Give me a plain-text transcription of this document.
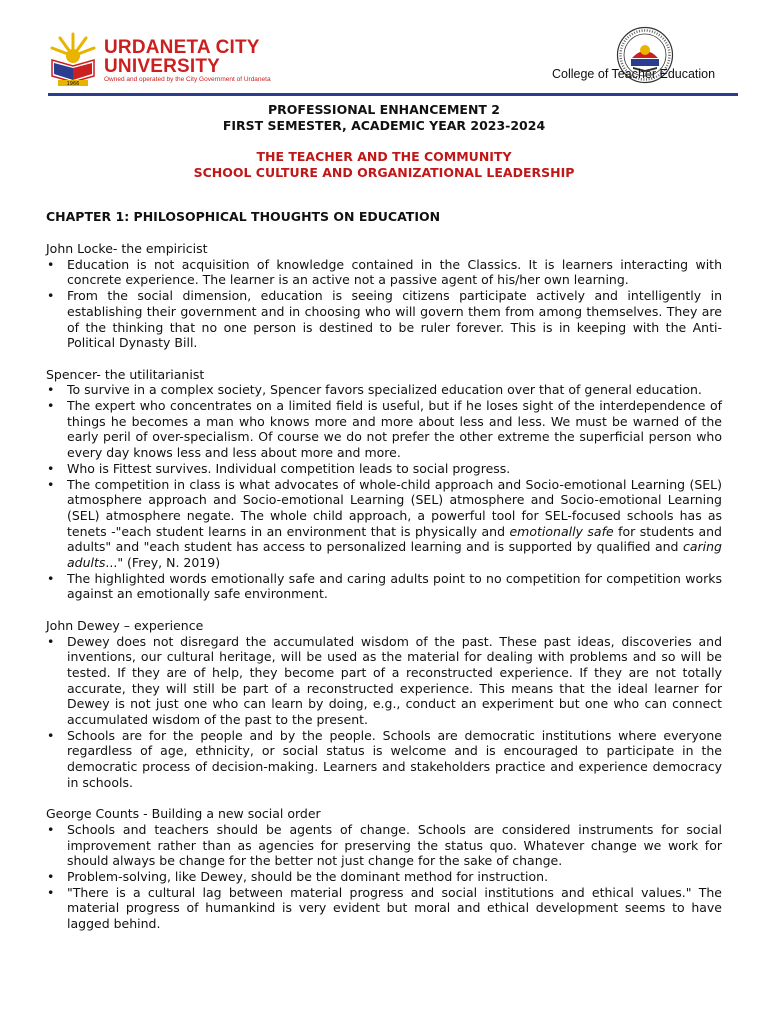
1966
URDANETA CITY
UNIVERSITY
Owned and operated by the City Government of Urdaneta	College of Teacher Education
PROFESSIONAL ENHANCEMENT 2
FIRST SEMESTER, ACADEMIC YEAR 2023-2024
THE TEACHER AND THE COMMUNITY
SCHOOL CULTURE AND ORGANIZATIONAL LEADERSHIP
CHAPTER 1: PHILOSOPHICAL THOUGHTS ON EDUCATION

John Locke- the empiricist

• Education is not acquisition of knowledge contained in the Classics. It is learners interacting with concrete experience. The learner is an active not a passive agent of his/her own learning.
• From the social dimension, education is seeing citizens participate actively and intelligently in establishing their government and in choosing who will govern them from among themselves. They are of the thinking that no one person is destined to be ruler forever. This is in keeping with the Anti-Political Dynasty Bill.

Spencer- the utilitarianist

• To survive in a complex society, Spencer favors specialized education over that of general education.
• The expert who concentrates on a limited field is useful, but if he loses sight of the interdependence of things he becomes a man who knows more and more about less and less. We must be warned of the early peril of over-specialism. Of course we do not prefer the other extreme the superficial person who every day knows less and less about more and more.
• Who is Fittest survives. Individual competition leads to social progress.
• The competition in class is what advocates of whole-child approach and Socio-emotional Learning (SEL) atmosphere approach and Socio-emotional Learning (SEL) atmosphere and Socio-emotional Learning (SEL) atmosphere negate. The whole child approach, a powerful tool for SEL-focused schools has as tenets -"each student learns in an environment that is physically and emotionally safe for students and adults" and "each student has access to personalized learning and is supported by qualified and caring adults..." (Frey, N. 2019)
• The highlighted words emotionally safe and caring adults point to no competition for competition works against an emotionally safe environment.

John Dewey – experience

• Dewey does not disregard the accumulated wisdom of the past. These past ideas, discoveries and inventions, our cultural heritage, will be used as the material for dealing with problems and so will be tested. If they are of help, they become part of a reconstructed experience. If they are not totally accurate, they will still be part of a reconstructed experience. This means that the ideal learner for Dewey is not just one who can learn by doing, e.g., conduct an experiment but one who can connect accumulated wisdom of the past to the present.
• Schools are for the people and by the people. Schools are democratic institutions where everyone regardless of age, ethnicity, or social status is welcome and is encouraged to participate in the democratic process of decision-making. Learners and stakeholders practice and experience democracy in schools.

George Counts - Building a new social order

• Schools and teachers should be agents of change. Schools are considered instruments for social improvement rather than as agencies for preserving the status quo. Whatever change we work for should always be change for the better not just change for the sake of change.
• Problem-solving, like Dewey, should be the dominant method for instruction.
• "There is a cultural lag between material progress and social institutions and ethical values." The material progress of humankind is very evident but moral and ethical development seems to have lagged behind.
